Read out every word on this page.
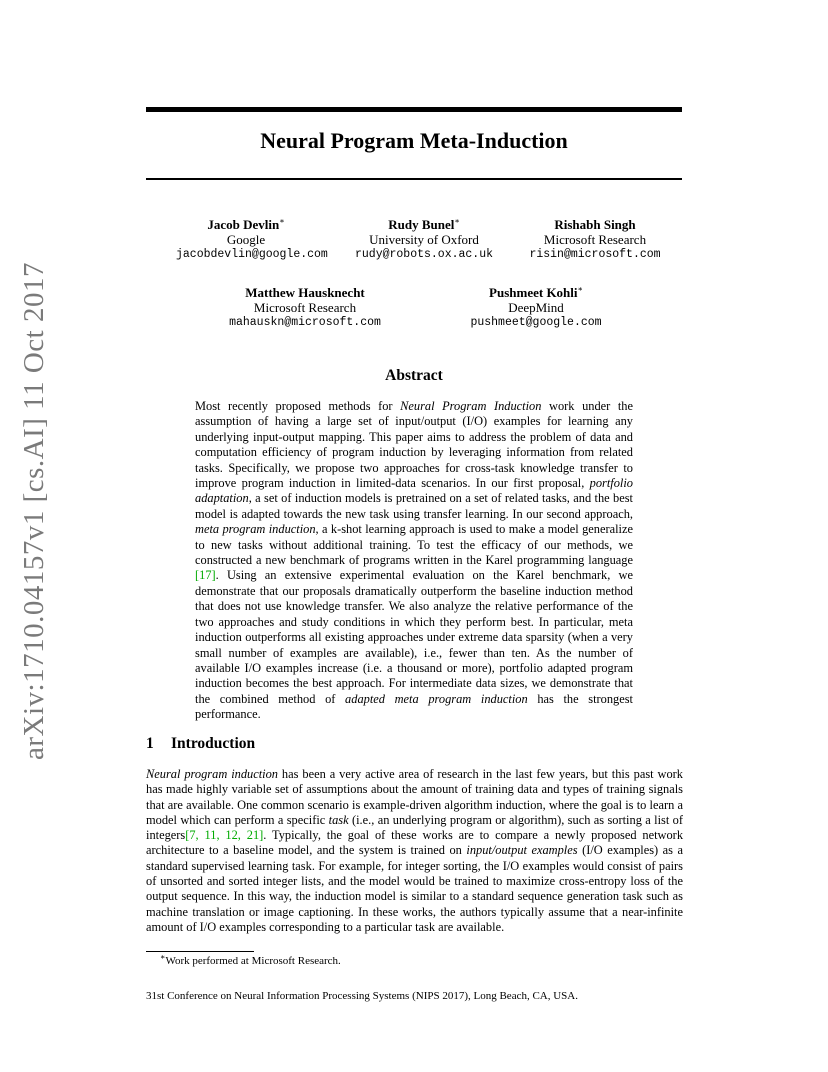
arXiv:1710.04157v1 [cs.AI] 11 Oct 2017
Neural Program Meta-Induction
Jacob Devlin∗
Google
jacobdevlin@google.com
Rudy Bunel∗
University of Oxford
rudy@robots.ox.ac.uk
Rishabh Singh
Microsoft Research
risin@microsoft.com
Matthew Hausknecht
Microsoft Research
mahauskn@microsoft.com
Pushmeet Kohli∗
DeepMind
pushmeet@google.com
Abstract
Most recently proposed methods for Neural Program Induction work under the assumption of having a large set of input/output (I/O) examples for learning any underlying input-output mapping. This paper aims to address the problem of data and computation efficiency of program induction by leveraging information from related tasks. Specifically, we propose two approaches for cross-task knowledge transfer to improve program induction in limited-data scenarios. In our first proposal, portfolio adaptation, a set of induction models is pretrained on a set of related tasks, and the best model is adapted towards the new task using transfer learning. In our second approach, meta program induction, a k-shot learning approach is used to make a model generalize to new tasks without additional training. To test the efficacy of our methods, we constructed a new benchmark of programs written in the Karel programming language [17]. Using an extensive experimental evaluation on the Karel benchmark, we demonstrate that our proposals dramatically outperform the baseline induction method that does not use knowledge transfer. We also analyze the relative performance of the two approaches and study conditions in which they perform best. In particular, meta induction outperforms all existing approaches under extreme data sparsity (when a very small number of examples are available), i.e., fewer than ten. As the number of available I/O examples increase (i.e. a thousand or more), portfolio adapted program induction becomes the best approach. For intermediate data sizes, we demonstrate that the combined method of adapted meta program induction has the strongest performance.
1 Introduction
Neural program induction has been a very active area of research in the last few years, but this past work has made highly variable set of assumptions about the amount of training data and types of training signals that are available. One common scenario is example-driven algorithm induction, where the goal is to learn a model which can perform a specific task (i.e., an underlying program or algorithm), such as sorting a list of integers[7, 11, 12, 21]. Typically, the goal of these works are to compare a newly proposed network architecture to a baseline model, and the system is trained on input/output examples (I/O examples) as a standard supervised learning task. For example, for integer sorting, the I/O examples would consist of pairs of unsorted and sorted integer lists, and the model would be trained to maximize cross-entropy loss of the output sequence. In this way, the induction model is similar to a standard sequence generation task such as machine translation or image captioning. In these works, the authors typically assume that a near-infinite amount of I/O examples corresponding to a particular task are available.
∗Work performed at Microsoft Research.
31st Conference on Neural Information Processing Systems (NIPS 2017), Long Beach, CA, USA.
